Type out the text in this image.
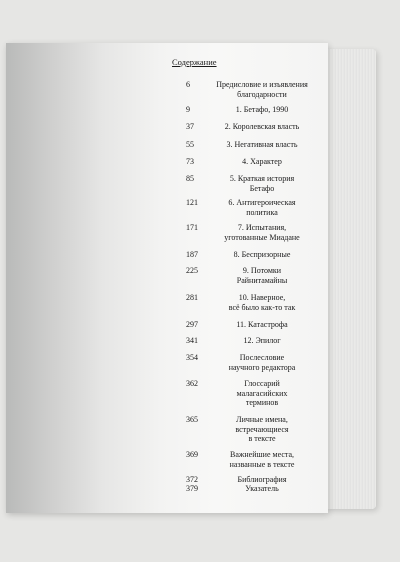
Содержание
6	Предисловие и изъявления
благодарности
9	1. Бетафо, 1990
37	2. Королевская власть
55	3. Негативная власть
73	4. Характер
85	5. Краткая история
Бетафо
121	6. Антигероическая
политика
171	7. Испытания,
уготованные Миадане
187	8. Беспризорные
225	9. Потомки
Райнитамайны
281	10. Наверное,
всё было как-то так
297	11. Катастрофа
341	12. Эпилог
354	Послесловие
научного редактора
362	Глоссарий
малагасийских
терминов
365	Личные имена,
встречающиеся
в тексте
369	Важнейшие места,
названные в тексте
372	Библиография
379	Указатель
